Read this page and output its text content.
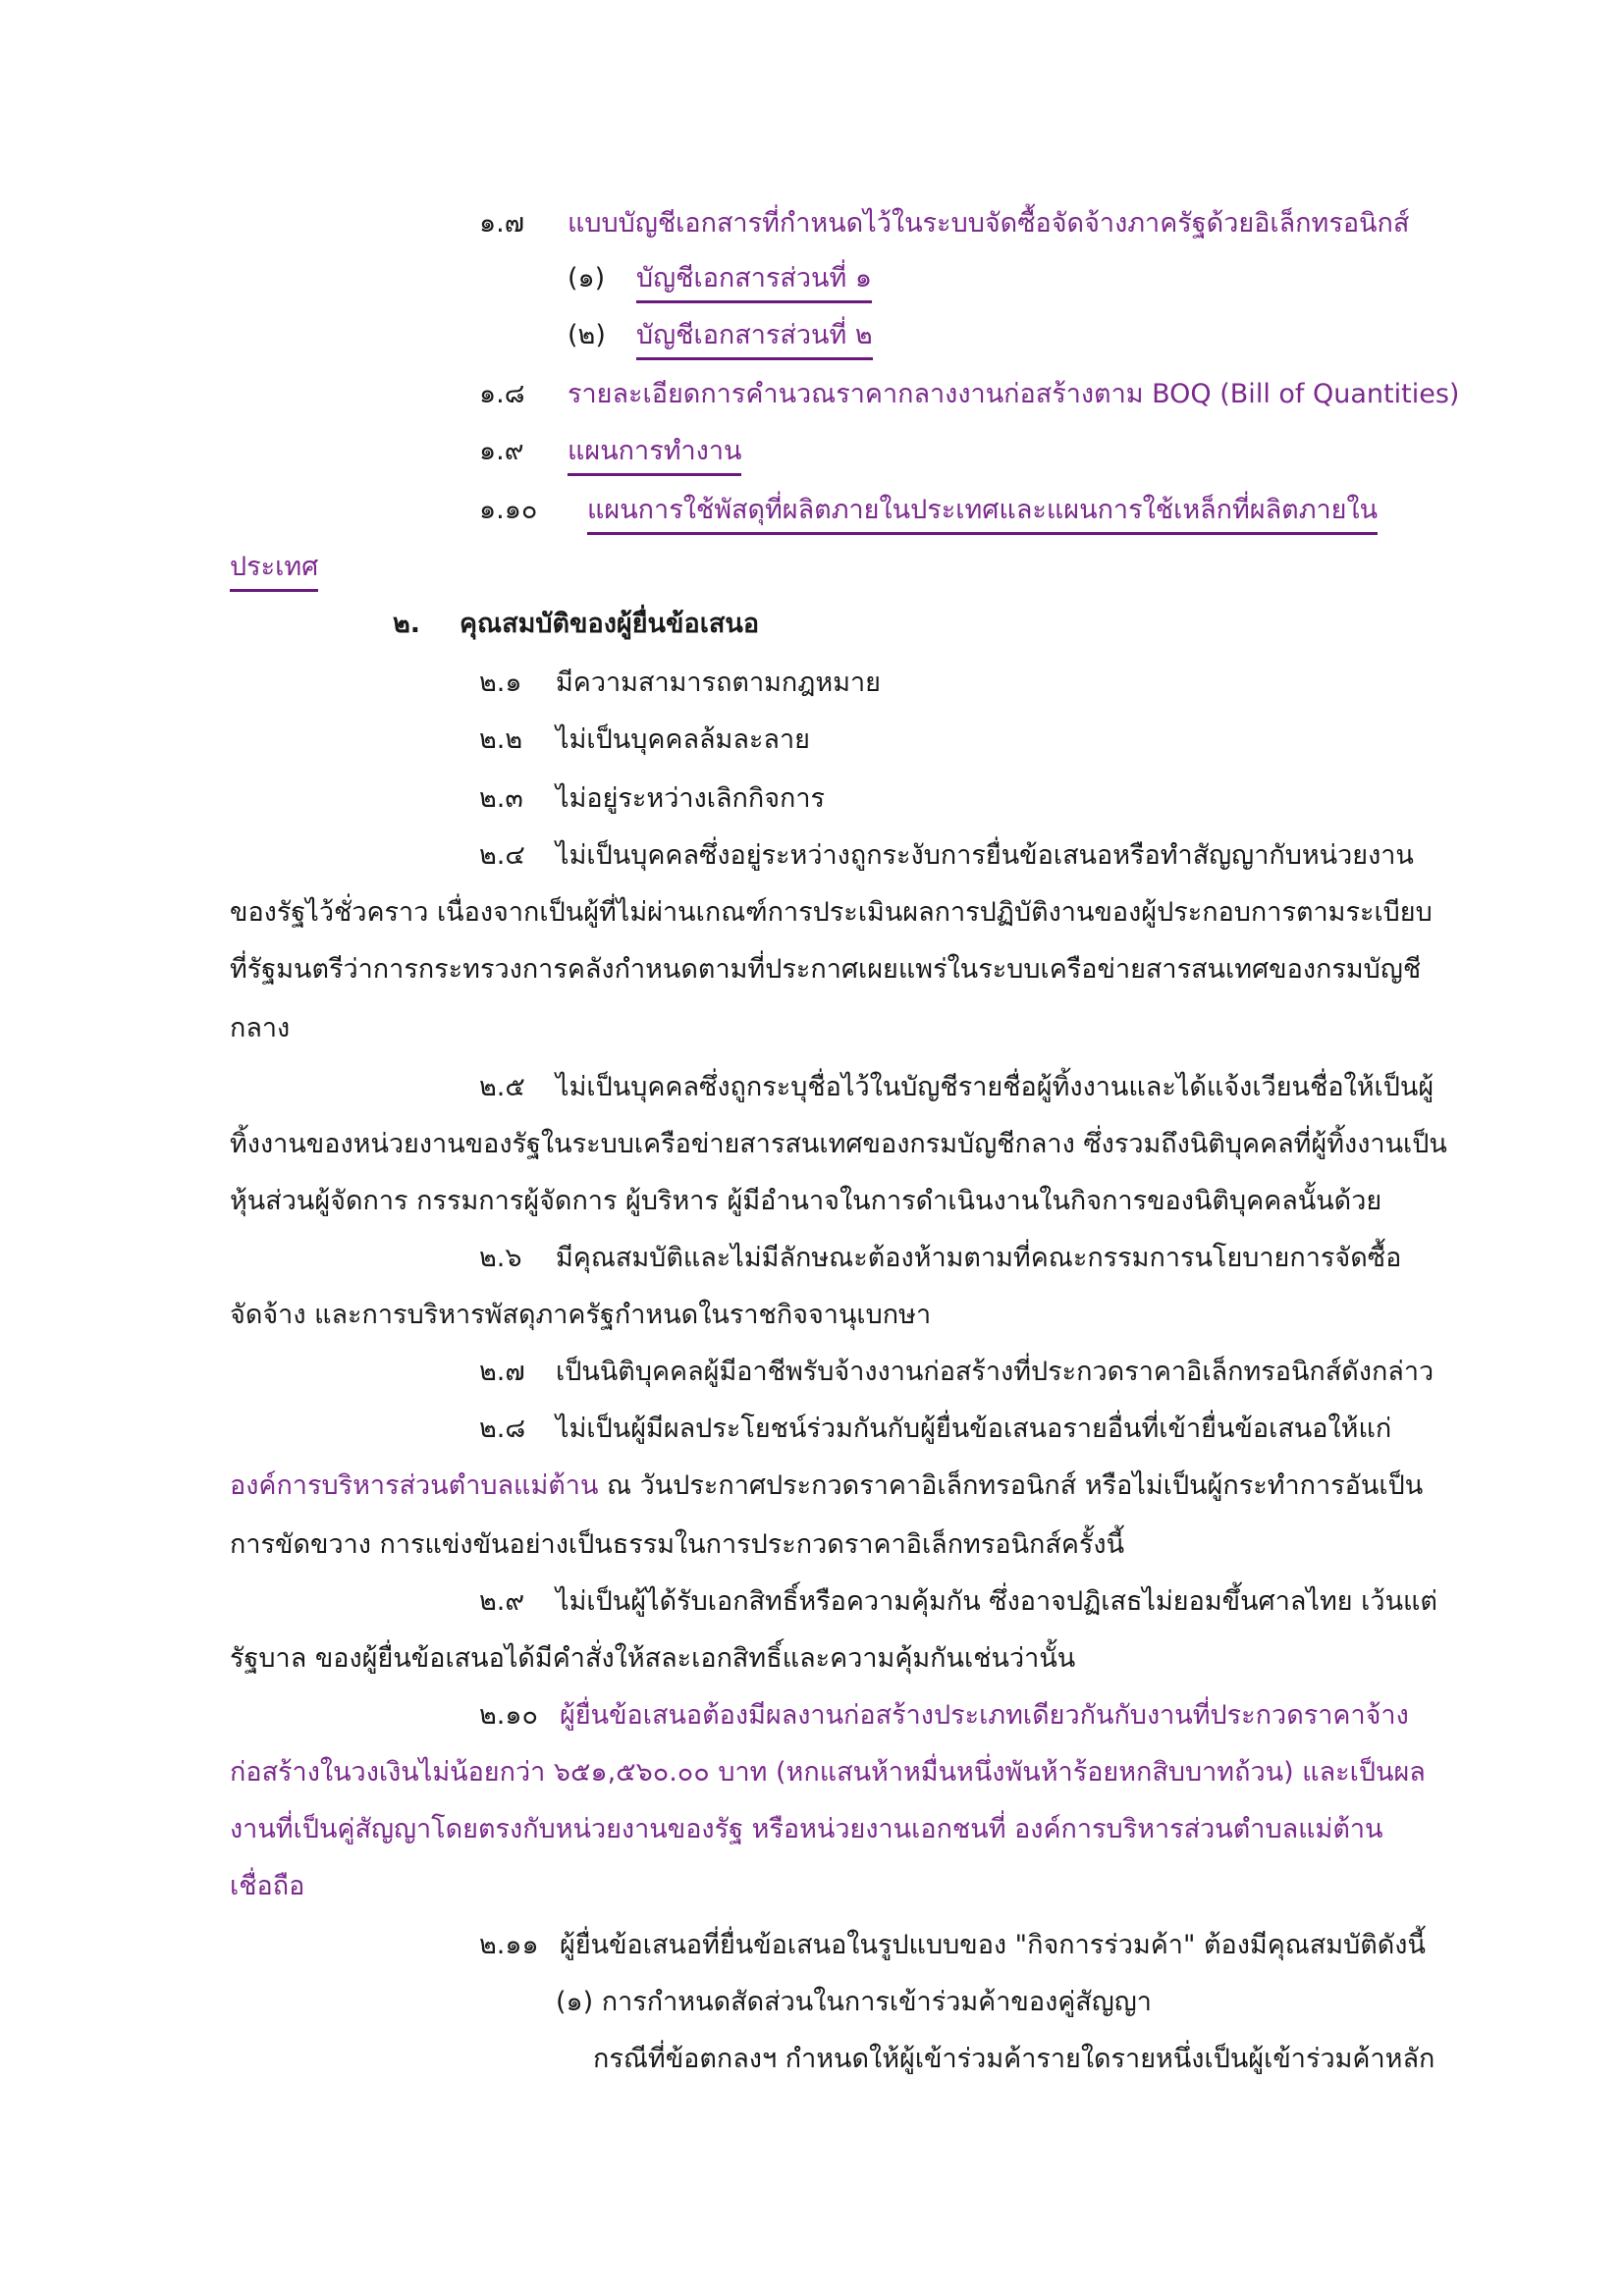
๑.๗ แบบบัญชีเอกสารที่กำหนดไว้ในระบบจัดซื้อจัดจ้างภาครัฐด้วยอิเล็กทรอนิกส์
(๑) บัญชีเอกสารส่วนที่ ๑
(๒) บัญชีเอกสารส่วนที่ ๒
๑.๘ รายละเอียดการคำนวณราคากลางงานก่อสร้างตาม BOQ (Bill of Quantities)
๑.๙ แผนการทำงาน
๑.๑๐ แผนการใช้พัสดุที่ผลิตภายในประเทศและแผนการใช้เหล็กที่ผลิตภายใน
ประเทศ
๒. คุณสมบัติของผู้ยื่นข้อเสนอ
๒.๑ มีความสามารถตามกฎหมาย
๒.๒ ไม่เป็นบุคคลล้มละลาย
๒.๓ ไม่อยู่ระหว่างเลิกกิจการ
๒.๔ ไม่เป็นบุคคลซึ่งอยู่ระหว่างถูกระงับการยื่นข้อเสนอหรือทำสัญญากับหน่วยงาน
ของรัฐไว้ชั่วคราว เนื่องจากเป็นผู้ที่ไม่ผ่านเกณฑ์การประเมินผลการปฏิบัติงานของผู้ประกอบการตามระเบียบ
ที่รัฐมนตรีว่าการกระทรวงการคลังกำหนดตามที่ประกาศเผยแพร่ในระบบเครือข่ายสารสนเทศของกรมบัญชี
กลาง
๒.๕ ไม่เป็นบุคคลซึ่งถูกระบุชื่อไว้ในบัญชีรายชื่อผู้ทิ้งงานและได้แจ้งเวียนชื่อให้เป็นผู้
ทิ้งงานของหน่วยงานของรัฐในระบบเครือข่ายสารสนเทศของกรมบัญชีกลาง ซึ่งรวมถึงนิติบุคคลที่ผู้ทิ้งงานเป็น
หุ้นส่วนผู้จัดการ กรรมการผู้จัดการ ผู้บริหาร ผู้มีอำนาจในการดำเนินงานในกิจการของนิติบุคคลนั้นด้วย
๒.๖ มีคุณสมบัติและไม่มีลักษณะต้องห้ามตามที่คณะกรรมการนโยบายการจัดซื้อ
จัดจ้าง และการบริหารพัสดุภาครัฐกำหนดในราชกิจจานุเบกษา
๒.๗ เป็นนิติบุคคลผู้มีอาชีพรับจ้างงานก่อสร้างที่ประกวดราคาอิเล็กทรอนิกส์ดังกล่าว
๒.๘ ไม่เป็นผู้มีผลประโยชน์ร่วมกันกับผู้ยื่นข้อเสนอรายอื่นที่เข้ายื่นข้อเสนอให้แก่
องค์การบริหารส่วนตำบลแม่ต้าน ณ วันประกาศประกวดราคาอิเล็กทรอนิกส์ หรือไม่เป็นผู้กระทำการอันเป็น
การขัดขวาง การแข่งขันอย่างเป็นธรรมในการประกวดราคาอิเล็กทรอนิกส์ครั้งนี้
๒.๙ ไม่เป็นผู้ได้รับเอกสิทธิ์หรือความคุ้มกัน ซึ่งอาจปฏิเสธไม่ยอมขึ้นศาลไทย เว้นแต่
รัฐบาล ของผู้ยื่นข้อเสนอได้มีคำสั่งให้สละเอกสิทธิ์และความคุ้มกันเช่นว่านั้น
๒.๑๐ ผู้ยื่นข้อเสนอต้องมีผลงานก่อสร้างประเภทเดียวกันกับงานที่ประกวดราคาจ้าง
ก่อสร้างในวงเงินไม่น้อยกว่า ๖๕๑,๕๖๐.๐๐ บาท (หกแสนห้าหมื่นหนึ่งพันห้าร้อยหกสิบบาทถ้วน) และเป็นผล
งานที่เป็นคู่สัญญาโดยตรงกับหน่วยงานของรัฐ หรือหน่วยงานเอกชนที่ องค์การบริหารส่วนตำบลแม่ต้าน
เชื่อถือ
๒.๑๑ ผู้ยื่นข้อเสนอที่ยื่นข้อเสนอในรูปแบบของ "กิจการร่วมค้า" ต้องมีคุณสมบัติดังนี้
(๑) การกำหนดสัดส่วนในการเข้าร่วมค้าของคู่สัญญา
กรณีที่ข้อตกลงฯ กำหนดให้ผู้เข้าร่วมค้ารายใดรายหนึ่งเป็นผู้เข้าร่วมค้าหลัก
